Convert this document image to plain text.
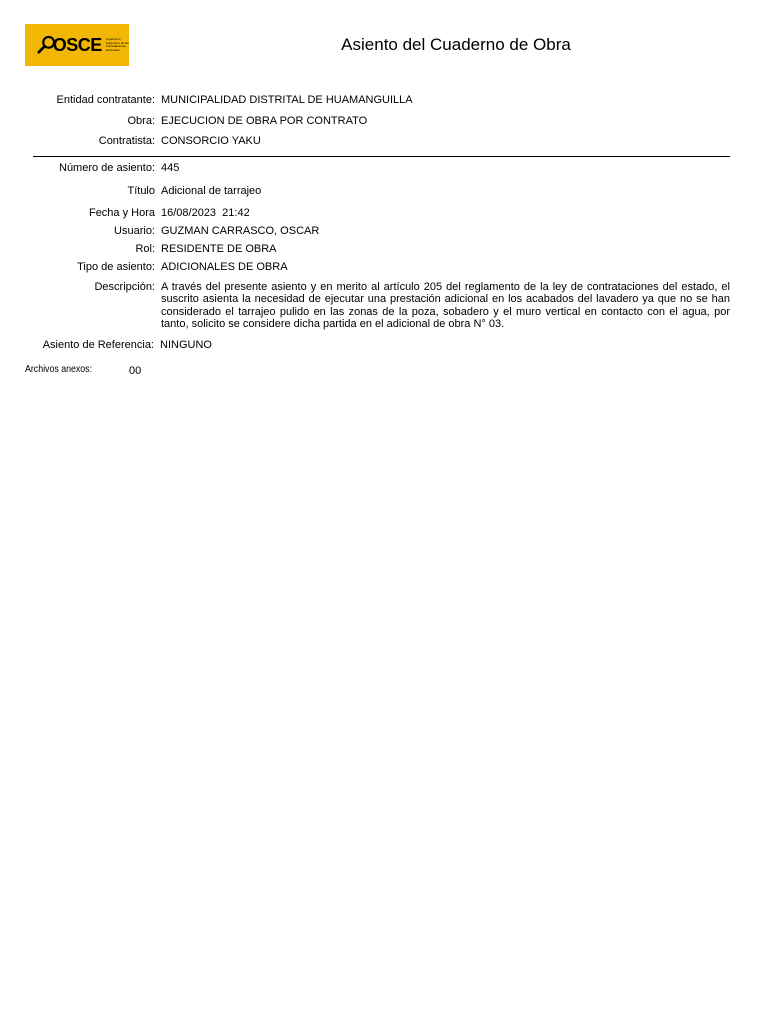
OSCE Organismo Supervisor de las Contrataciones del Estado	Asiento del Cuaderno de Obra
Entidad contratante: MUNICIPALIDAD DISTRITAL DE HUAMANGUILLA
Obra: EJECUCION DE OBRA POR CONTRATO
Contratista: CONSORCIO YAKU
Número de asiento: 445
Título Adicional de tarrajeo
Fecha y Hora 16/08/2023  21:42
Usuario: GUZMAN CARRASCO, OSCAR
Rol: RESIDENTE DE OBRA
Tipo de asiento: ADICIONALES DE OBRA
Descripción: A través del presente asiento y en merito al artículo 205 del reglamento de la ley de contrataciones del estado, el suscrito asienta la necesidad de ejecutar una prestación adicional en los acabados del lavadero ya que no se han considerado el tarrajeo pulido en las zonas de la poza, sobadero y el muro vertical en contacto con el agua, por tanto, solicito se considere dicha partida en el adicional de obra N° 03.
Asiento de Referencia: NINGUNO
Archivos anexos:	00
